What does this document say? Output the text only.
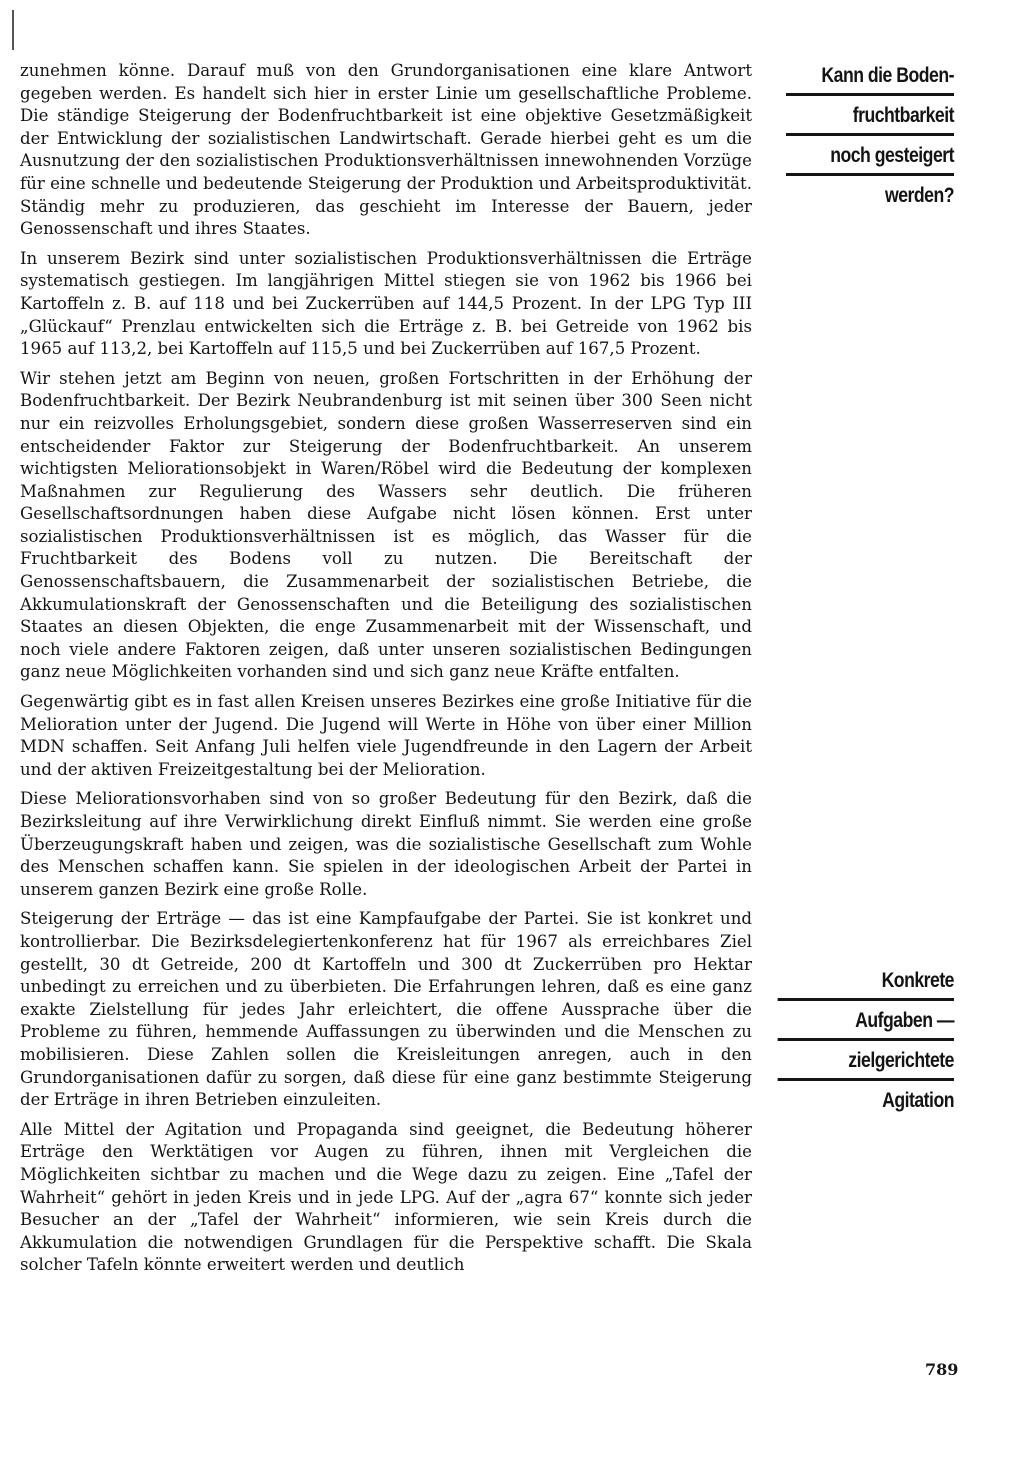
zunehmen könne. Darauf muß von den Grundorganisationen eine klare Antwort gegeben werden. Es handelt sich hier in erster Linie um gesellschaftliche Probleme. Die ständige Steigerung der Bodenfruchtbarkeit ist eine objektive Gesetzmäßigkeit der Entwicklung der sozialistischen Landwirtschaft. Gerade hierbei geht es um die Ausnutzung der den sozialistischen Produktionsverhältnissen innewohnenden Vorzüge für eine schnelle und bedeutende Steigerung der Produktion und Arbeitsproduktivität. Ständig mehr zu produzieren, das geschieht im Interesse der Bauern, jeder Genossenschaft und ihres Staates.

In unserem Bezirk sind unter sozialistischen Produktionsverhältnissen die Erträge systematisch gestiegen. Im langjährigen Mittel stiegen sie von 1962 bis 1966 bei Kartoffeln z. B. auf 118 und bei Zuckerrüben auf 144,5 Prozent. In der LPG Typ III „Glückauf“ Prenzlau entwickelten sich die Erträge z. B. bei Getreide von 1962 bis 1965 auf 113,2, bei Kartoffeln auf 115,5 und bei Zuckerrüben auf 167,5 Prozent.

Wir stehen jetzt am Beginn von neuen, großen Fortschritten in der Erhöhung der Bodenfruchtbarkeit. Der Bezirk Neubrandenburg ist mit seinen über 300 Seen nicht nur ein reizvolles Erholungsgebiet, sondern diese großen Wasserreserven sind ein entscheidender Faktor zur Steigerung der Bodenfruchtbarkeit. An unserem wichtigsten Meliorationsobjekt in Waren/Röbel wird die Bedeutung der komplexen Maßnahmen zur Regulierung des Wassers sehr deutlich. Die früheren Gesellschaftsordnungen haben diese Aufgabe nicht lösen können. Erst unter sozialistischen Produktionsverhältnissen ist es möglich, das Wasser für die Fruchtbarkeit des Bodens voll zu nutzen. Die Bereitschaft der Genossenschaftsbauern, die Zusammenarbeit der sozialistischen Betriebe, die Akkumulationskraft der Genossenschaften und die Beteiligung des sozialistischen Staates an diesen Objekten, die enge Zusammenarbeit mit der Wissenschaft, und noch viele andere Faktoren zeigen, daß unter unseren sozialistischen Bedingungen ganz neue Möglichkeiten vorhanden sind und sich ganz neue Kräfte entfalten.

Gegenwärtig gibt es in fast allen Kreisen unseres Bezirkes eine große Initiative für die Melioration unter der Jugend. Die Jugend will Werte in Höhe von über einer Million MDN schaffen. Seit Anfang Juli helfen viele Jugendfreunde in den Lagern der Arbeit und der aktiven Freizeitgestaltung bei der Melioration.

Diese Meliorationsvorhaben sind von so großer Bedeutung für den Bezirk, daß die Bezirksleitung auf ihre Verwirklichung direkt Einfluß nimmt. Sie werden eine große Überzeugungskraft haben und zeigen, was die sozialistische Gesellschaft zum Wohle des Menschen schaffen kann. Sie spielen in der ideologischen Arbeit der Partei in unserem ganzen Bezirk eine große Rolle.

Steigerung der Erträge — das ist eine Kampfaufgabe der Partei. Sie ist konkret und kontrollierbar. Die Bezirksdelegiertenkonferenz hat für 1967 als erreichbares Ziel gestellt, 30 dt Getreide, 200 dt Kartoffeln und 300 dt Zuckerrüben pro Hektar unbedingt zu erreichen und zu überbieten. Die Erfahrungen lehren, daß es eine ganz exakte Zielstellung für jedes Jahr erleichtert, die offene Aussprache über die Probleme zu führen, hemmende Auffassungen zu überwinden und die Menschen zu mobilisieren. Diese Zahlen sollen die Kreisleitungen anregen, auch in den Grundorganisationen dafür zu sorgen, daß diese für eine ganz bestimmte Steigerung der Erträge in ihren Betrieben einzuleiten.

Alle Mittel der Agitation und Propaganda sind geeignet, die Bedeutung höherer Erträge den Werktätigen vor Augen zu führen, ihnen mit Vergleichen die Möglichkeiten sichtbar zu machen und die Wege dazu zu zeigen. Eine „Tafel der Wahrheit“ gehört in jeden Kreis und in jede LPG. Auf der „agra 67“ konnte sich jeder Besucher an der „Tafel der Wahrheit“ informieren, wie sein Kreis durch die Akkumulation die notwendigen Grundlagen für die Perspektive schafft. Die Skala solcher Tafeln könnte erweitert werden und deutlich

Kann die Boden-
fruchtbarkeit
noch gesteigert
werden?
Konkrete
Aufgaben —
zielgerichtete
Agitation
789
